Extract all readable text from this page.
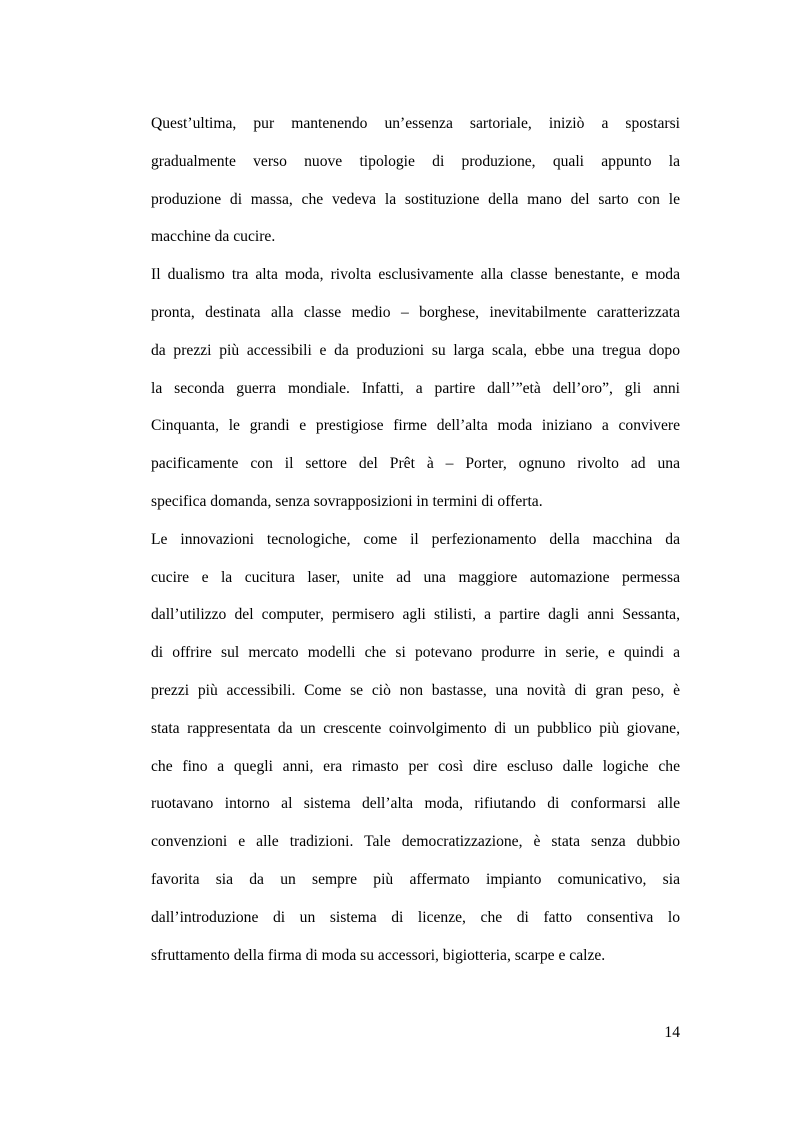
Quest’ultima, pur mantenendo un’essenza sartoriale, iniziò a spostarsi
gradualmente verso nuove tipologie di produzione, quali appunto la
produzione di massa, che vedeva la sostituzione della mano del sarto con le
macchine da cucire.
Il dualismo tra alta moda, rivolta esclusivamente alla classe benestante, e moda
pronta, destinata alla classe medio – borghese, inevitabilmente caratterizzata
da prezzi più accessibili e da produzioni su larga scala, ebbe una tregua dopo
la seconda guerra mondiale. Infatti, a partire dall’”età dell’oro”, gli anni
Cinquanta, le grandi e prestigiose firme dell’alta moda iniziano a convivere
pacificamente con il settore del Prêt à – Porter, ognuno rivolto ad una
specifica domanda, senza sovrapposizioni in termini di offerta.
Le innovazioni tecnologiche, come il perfezionamento della macchina da
cucire e la cucitura laser, unite ad una maggiore automazione permessa
dall’utilizzo del computer, permisero agli stilisti, a partire dagli anni Sessanta,
di offrire sul mercato modelli che si potevano produrre in serie, e quindi a
prezzi più accessibili. Come se ciò non bastasse, una novità di gran peso, è
stata rappresentata da un crescente coinvolgimento di un pubblico più giovane,
che fino a quegli anni, era rimasto per così dire escluso dalle logiche che
ruotavano intorno al sistema dell’alta moda, rifiutando di conformarsi alle
convenzioni e alle tradizioni. Tale democratizzazione, è stata senza dubbio
favorita sia da un sempre più affermato impianto comunicativo, sia
dall’introduzione di un sistema di licenze, che di fatto consentiva lo
sfruttamento della firma di moda su accessori, bigiotteria, scarpe e calze.
14
